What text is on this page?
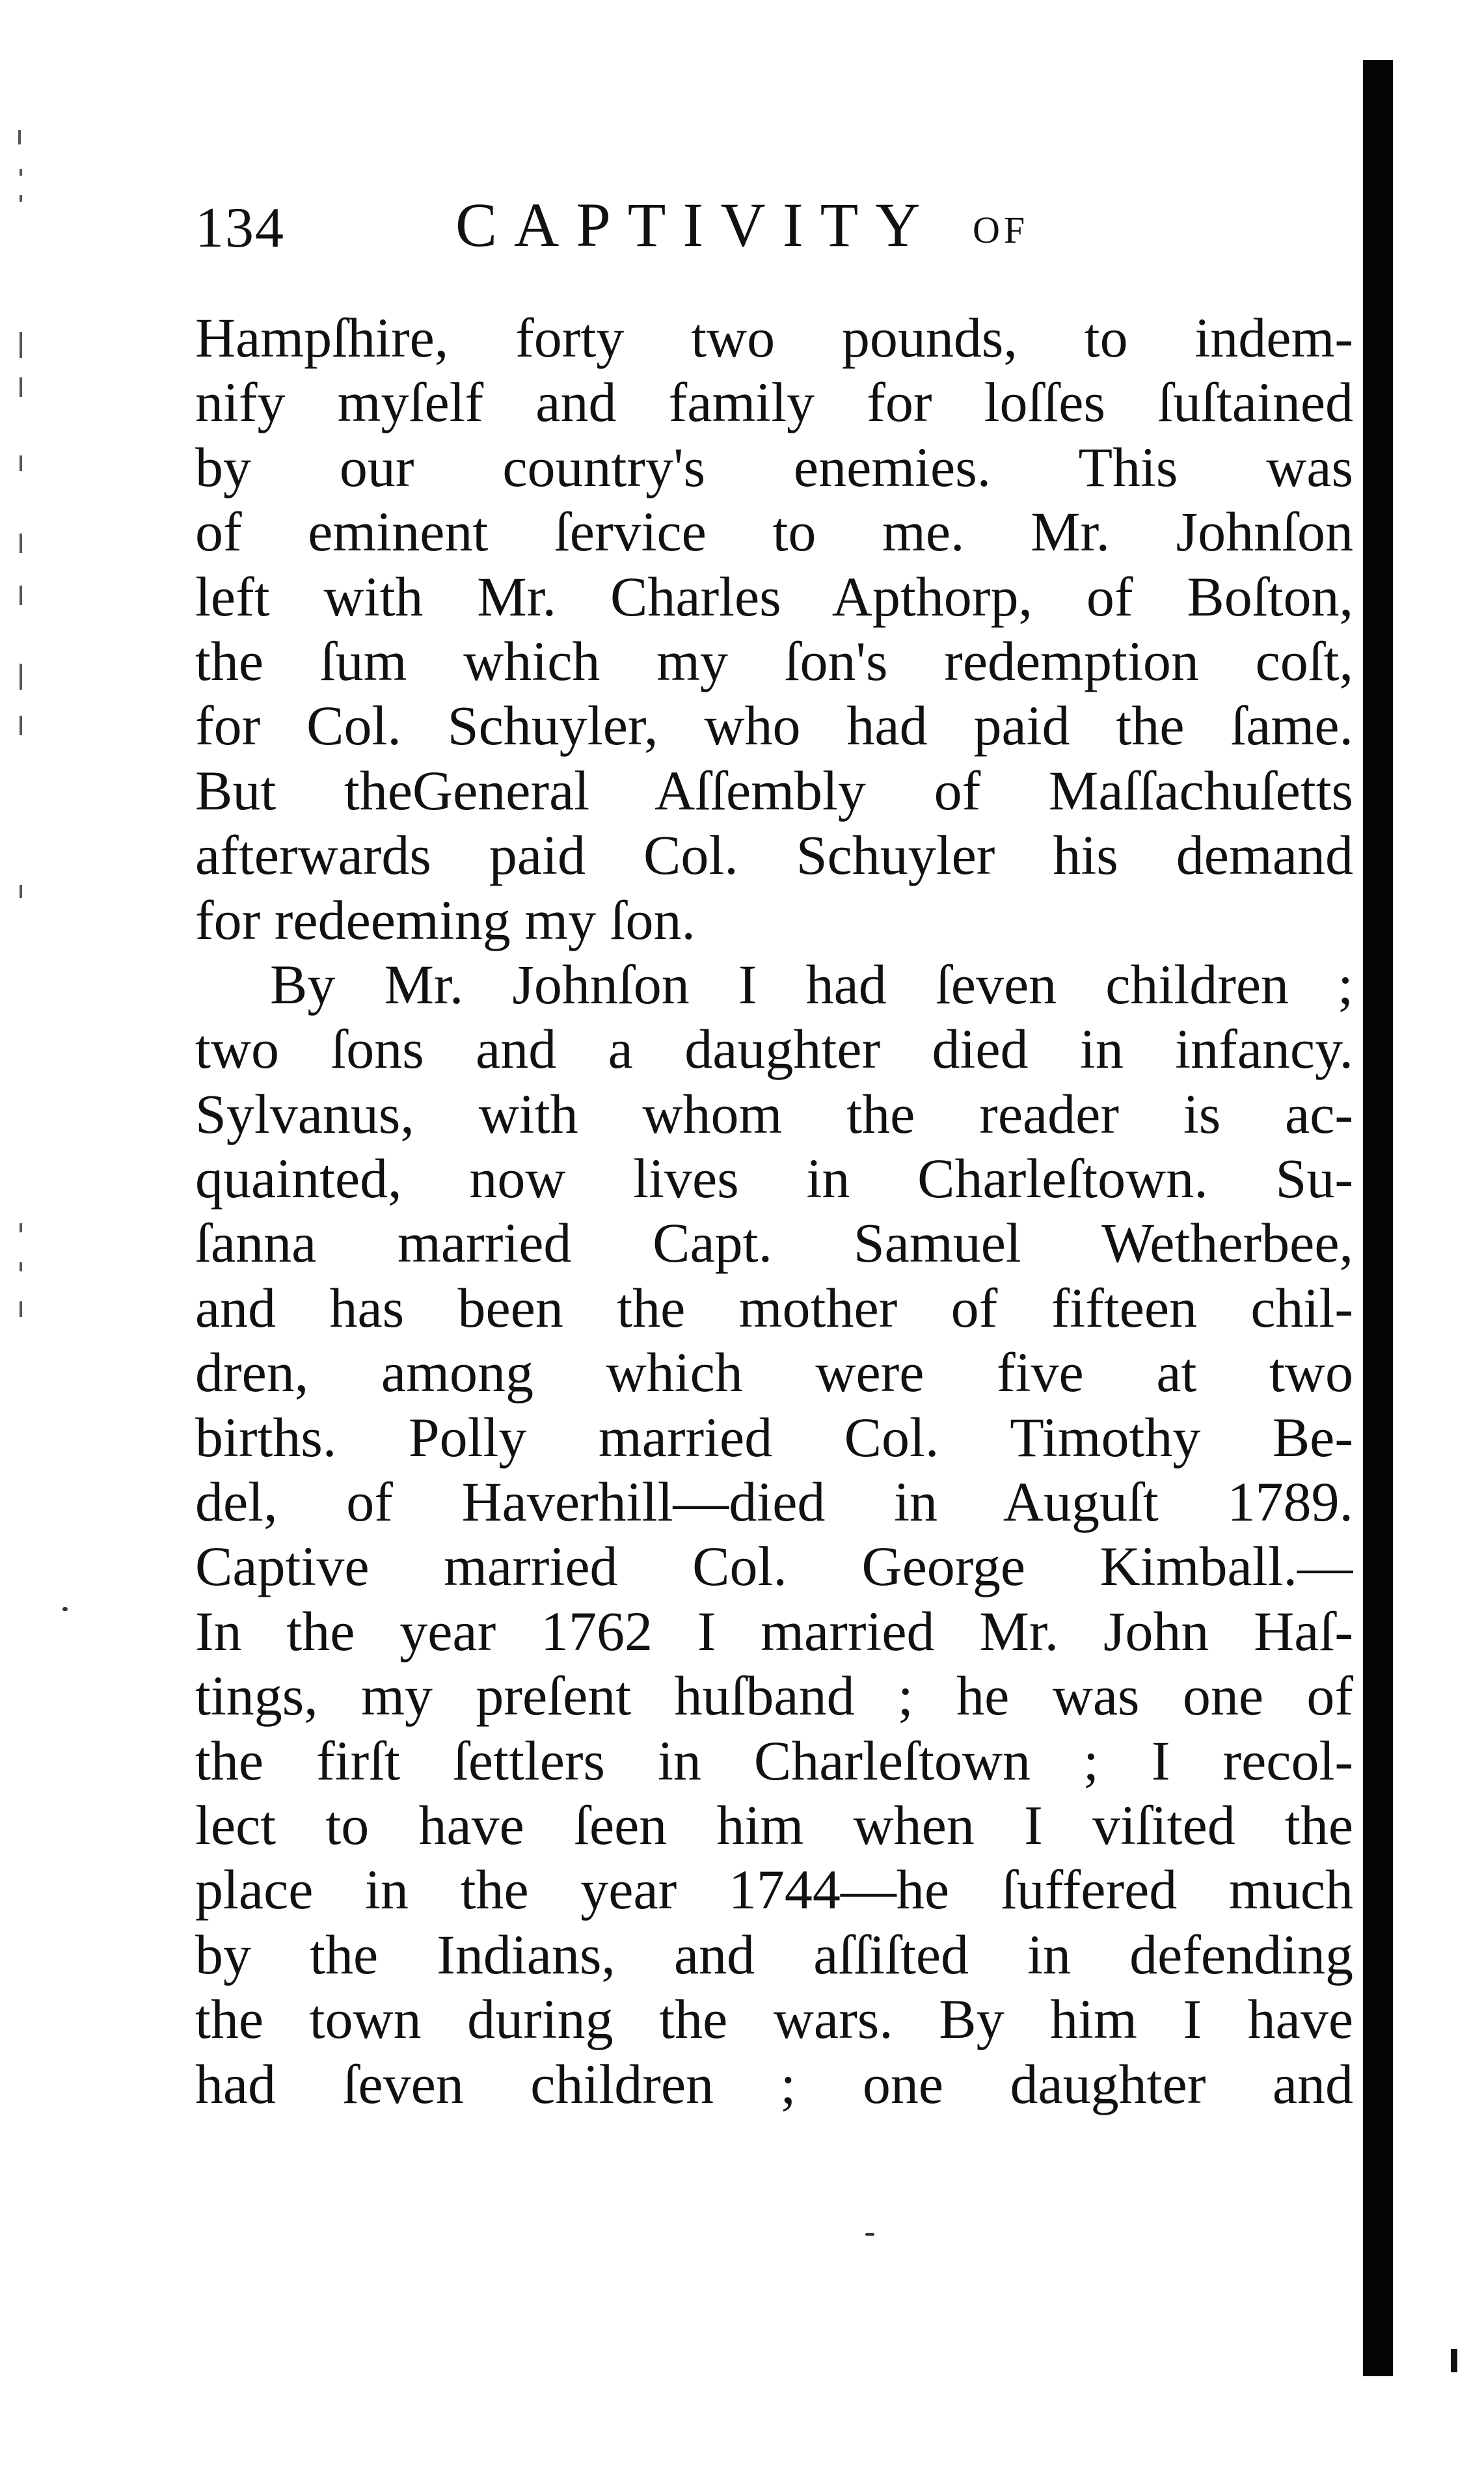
134	CAPTIVITY OF
Hampſhire, forty two pounds, to indem-
nify myſelf and family for loſſes ſuſtained
by our country's enemies. This was
of eminent ſervice to me. Mr. Johnſon
left with Mr. Charles Apthorp, of Boſton,
the ſum which my ſon's redemption coſt,
for Col. Schuyler, who had paid the ſame.
But theGeneral Aſſembly of Maſſachuſetts
afterwards paid Col. Schuyler his demand
for redeeming my ſon.
By Mr. Johnſon I had ſeven children ;
two ſons and a daughter died in infancy.
Sylvanus, with whom the reader is ac-
quainted, now lives in Charleſtown. Su-
ſanna married Capt. Samuel Wetherbee,
and has been the mother of fifteen chil-
dren, among which were five at two
births. Polly married Col. Timothy Be-
del, of Haverhill—died in Auguſt 1789.
Captive married Col. George Kimball.—
In the year 1762 I married Mr. John Haſ-
tings, my preſent huſband ; he was one of
the firſt ſettlers in Charleſtown ; I recol-
lect to have ſeen him when I viſited the
place in the year 1744—he ſuffered much
by the Indians, and aſſiſted in defending
the town during the wars. By him I have
had ſeven children ; one daughter and
